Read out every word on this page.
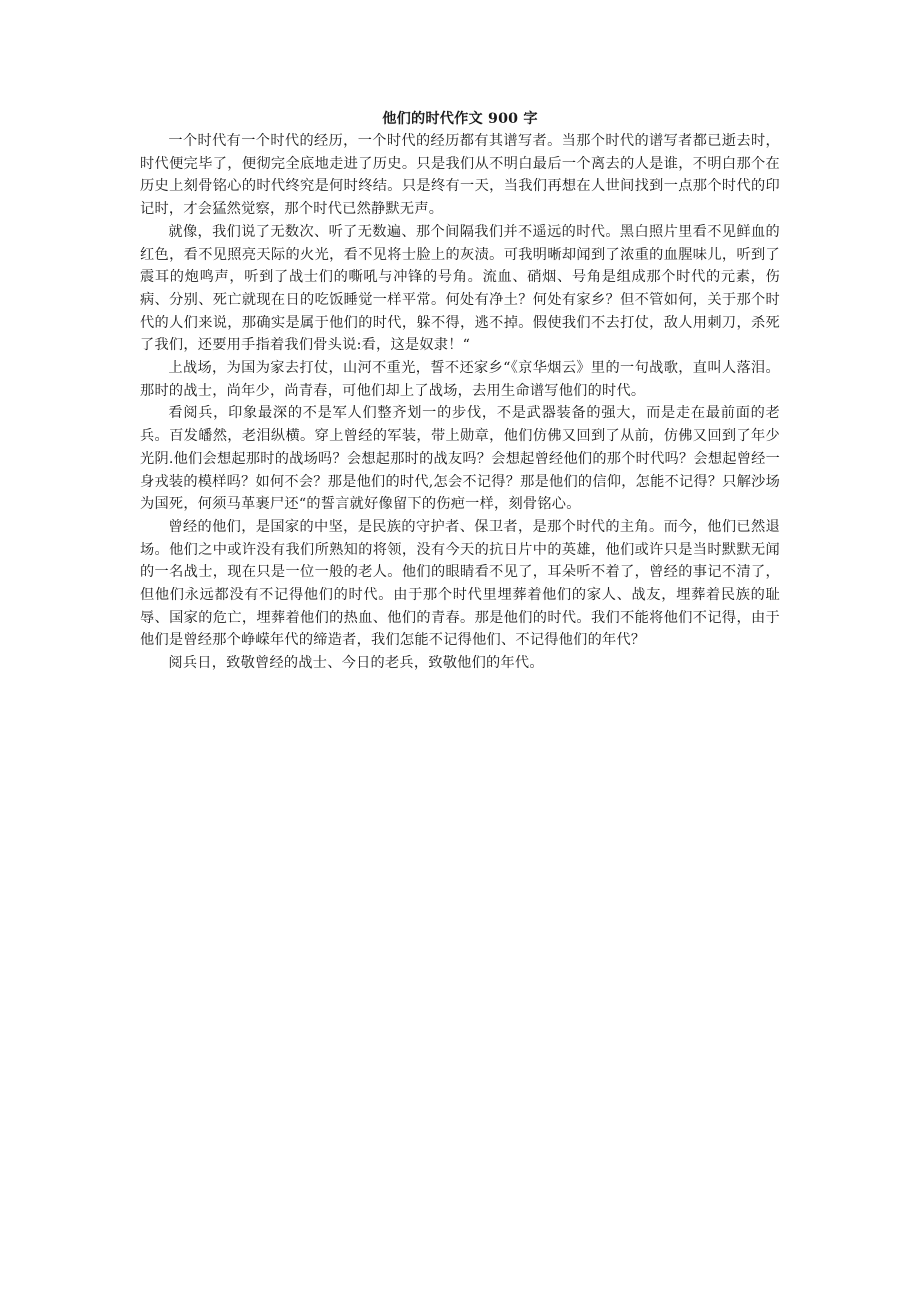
他们的时代作文 900 字

一个时代有一个时代的经历，一个时代的经历都有其谱写者。当那个时代的谱写者都已逝去时，时代便完毕了，便彻完全底地走进了历史。只是我们从不明白最后一个离去的人是谁，不明白那个在历史上刻骨铭心的时代终究是何时终结。只是终有一天，当我们再想在人世间找到一点那个时代的印记时，才会猛然觉察，那个时代已然静默无声。

就像，我们说了无数次、听了无数遍、那个间隔我们并不遥远的时代。黑白照片里看不见鲜血的红色，看不见照亮天际的火光，看不见将士脸上的灰渍。可我明晰却闻到了浓重的血腥味儿，听到了震耳的炮鸣声，听到了战士们的嘶吼与冲锋的号角。流血、硝烟、号角是组成那个时代的元素，伤病、分别、死亡就现在日的吃饭睡觉一样平常。何处有净土？何处有家乡？但不管如何，关于那个时代的人们来说，那确实是属于他们的时代，躲不得，逃不掉。假使我们不去打仗，敌人用刺刀，杀死了我们，还要用手指着我们骨头说:看，这是奴隶！“

上战场，为国为家去打仗，山河不重光，誓不还家乡“《京华烟云》里的一句战歌，直叫人落泪。那时的战士，尚年少，尚青春，可他们却上了战场，去用生命谱写他们的时代。

看阅兵，印象最深的不是军人们整齐划一的步伐，不是武器装备的强大，而是走在最前面的老兵。百发皤然，老泪纵横。穿上曾经的军装，带上勋章，他们仿佛又回到了从前，仿佛又回到了年少光阴.他们会想起那时的战场吗？会想起那时的战友吗？会想起曾经他们的那个时代吗？会想起曾经一身戎装的模样吗？如何不会？那是他们的时代,怎会不记得？那是他们的信仰，怎能不记得？只解沙场为国死，何须马革裹尸还“的誓言就好像留下的伤疤一样，刻骨铭心。

曾经的他们，是国家的中坚，是民族的守护者、保卫者，是那个时代的主角。而今，他们已然退场。他们之中或许没有我们所熟知的将领，没有今天的抗日片中的英雄，他们或许只是当时默默无闻的一名战士，现在只是一位一般的老人。他们的眼睛看不见了，耳朵听不着了，曾经的事记不清了，但他们永远都没有不记得他们的时代。由于那个时代里埋葬着他们的家人、战友，埋葬着民族的耻辱、国家的危亡，埋葬着他们的热血、他们的青春。那是他们的时代。我们不能将他们不记得，由于他们是曾经那个峥嵘年代的缔造者，我们怎能不记得他们、不记得他们的年代？

阅兵日，致敬曾经的战士、今日的老兵，致敬他们的年代。
